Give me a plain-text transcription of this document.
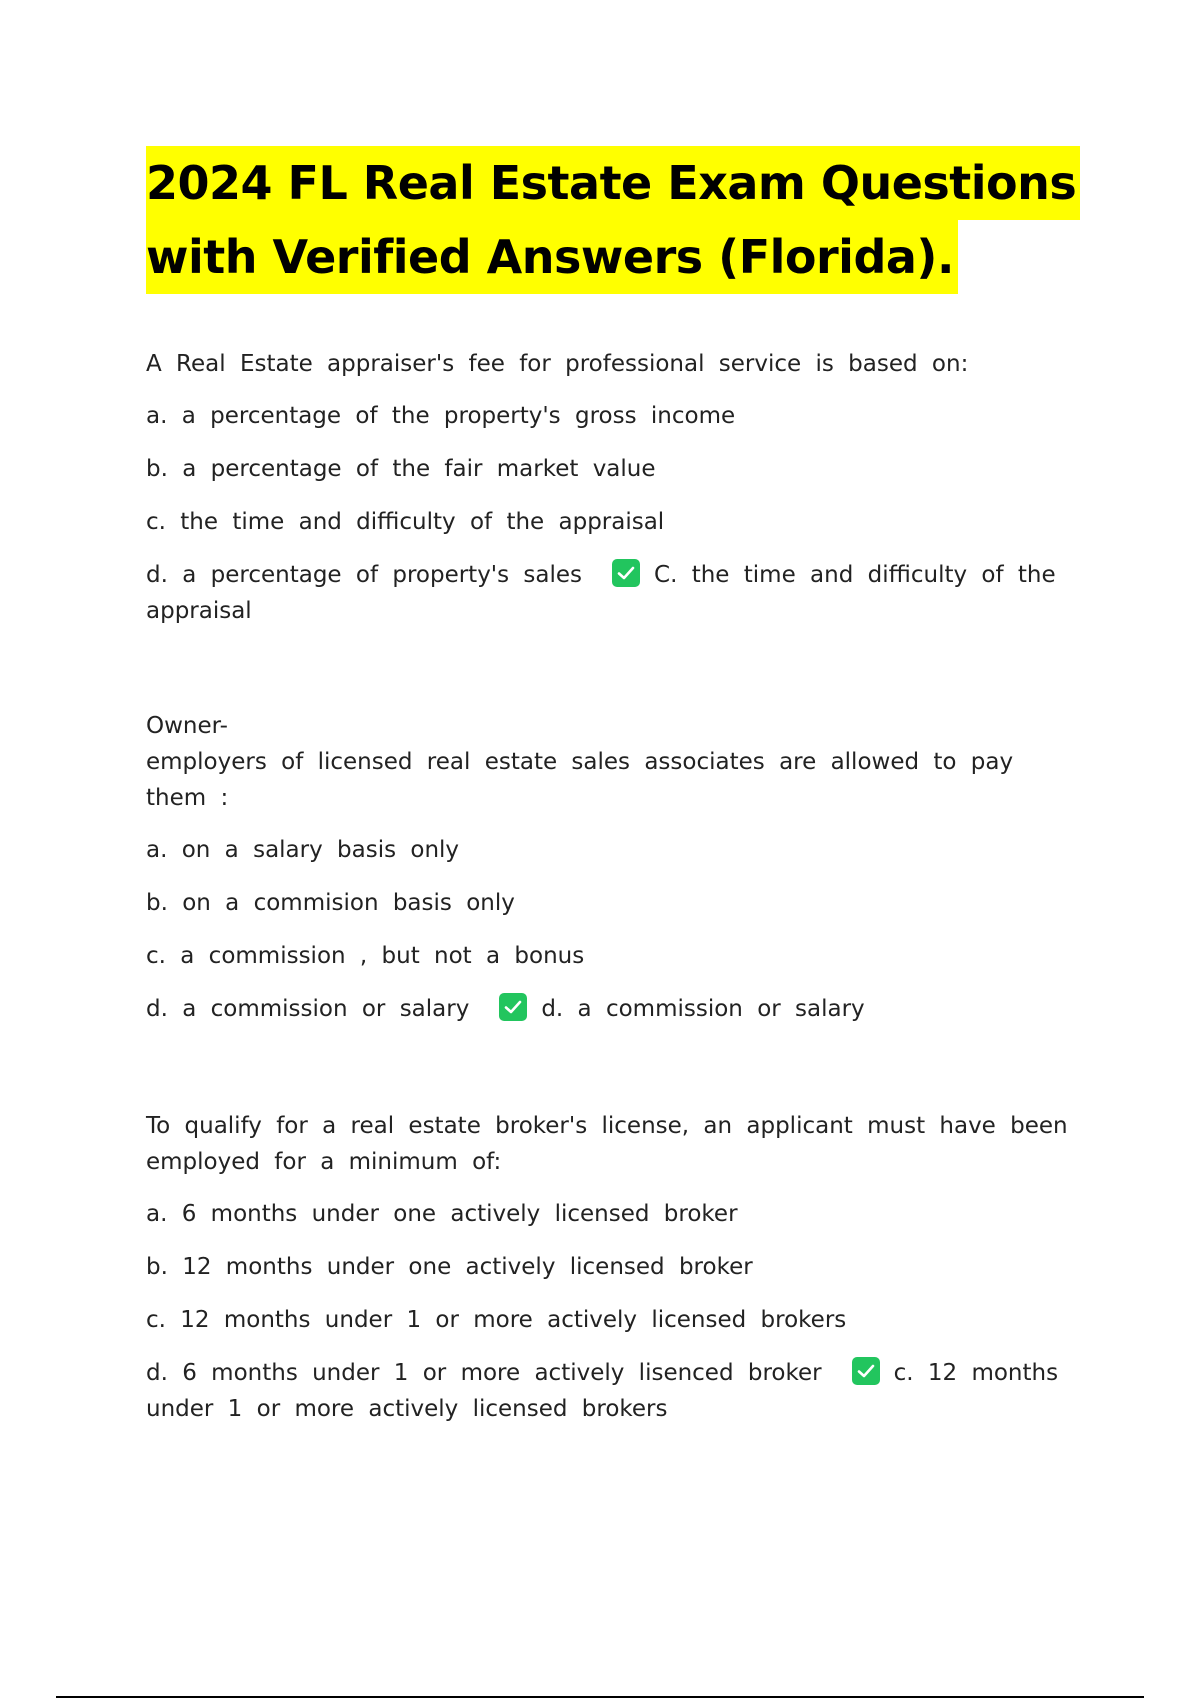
2024 FL Real Estate Exam Questions
with Verified Answers (Florida).
A Real Estate appraiser's fee for professional service is based on:
a. a percentage of the property's gross income
b. a percentage of the fair market value
c. the time and difficulty of the appraisal
d. a percentage of property's sales	C. the time and difficulty of the appraisal
Owner-
employers of licensed real estate sales associates are allowed to pay them :
a. on a salary basis only
b. on a commision basis only
c. a commission , but not a bonus
d. a commission or salary	d. a commission or salary
To qualify for a real estate broker's license, an applicant must have been employed for a minimum of:
a. 6 months under one actively licensed broker
b. 12 months under one actively licensed broker
c. 12 months under 1 or more actively licensed brokers
d. 6 months under 1 or more actively lisenced broker	c. 12 months under 1 or more actively licensed brokers
